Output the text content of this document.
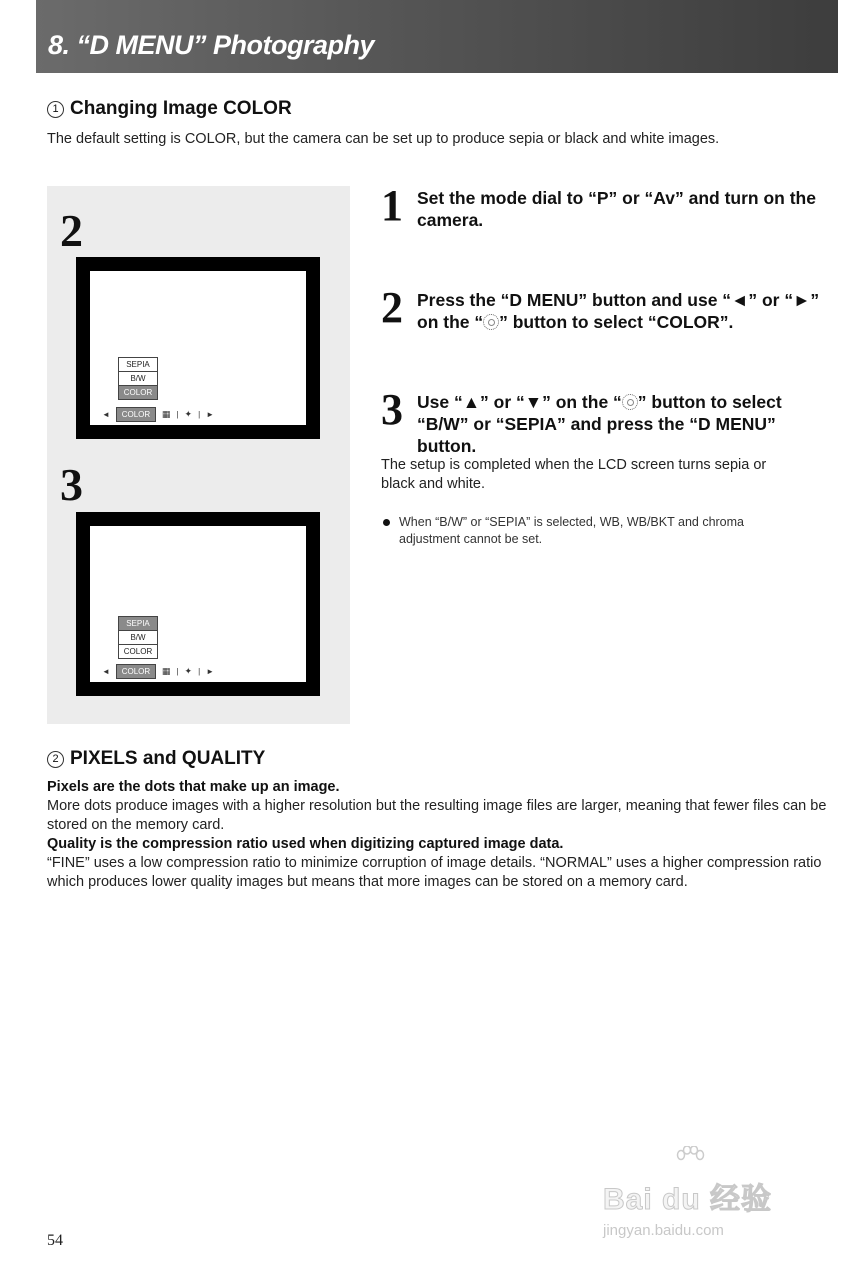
8. “D MENU” Photography
1 Changing Image COLOR
The default setting is COLOR, but the camera can be set up to produce sepia or black and white images.
2
SEPIA
B/W
COLOR
◄	COLOR	▦ | ✦ | ►
3
SEPIA
B/W
COLOR
◄	COLOR	▦ | ✦ | ►
1 Set the mode dial to “P” or “Av” and turn on the camera.
2 Press the “D MENU” button and use “◄” or “►” on the “ ” button to select “COLOR”.
3 Use “▲” or “▼” on the “ ” button to select “B/W” or “SEPIA” and press the “D MENU” button.
The setup is completed when the LCD screen turns sepia or black and white.
When “B/W” or “SEPIA” is selected, WB, WB/BKT and chroma adjustment cannot be set.
2 PIXELS and QUALITY
Pixels are the dots that make up an image.
More dots produce images with a higher resolution but the resulting image files are larger, meaning that fewer files can be stored on the memory card.
Quality is the compression ratio used when digitizing captured image data.
“FINE” uses a low compression ratio to minimize corruption of image details. “NORMAL” uses a higher compression ratio which produces lower quality images but means that more images can be stored on a memory card.
54
Bai du 经验
jingyan.baidu.com
